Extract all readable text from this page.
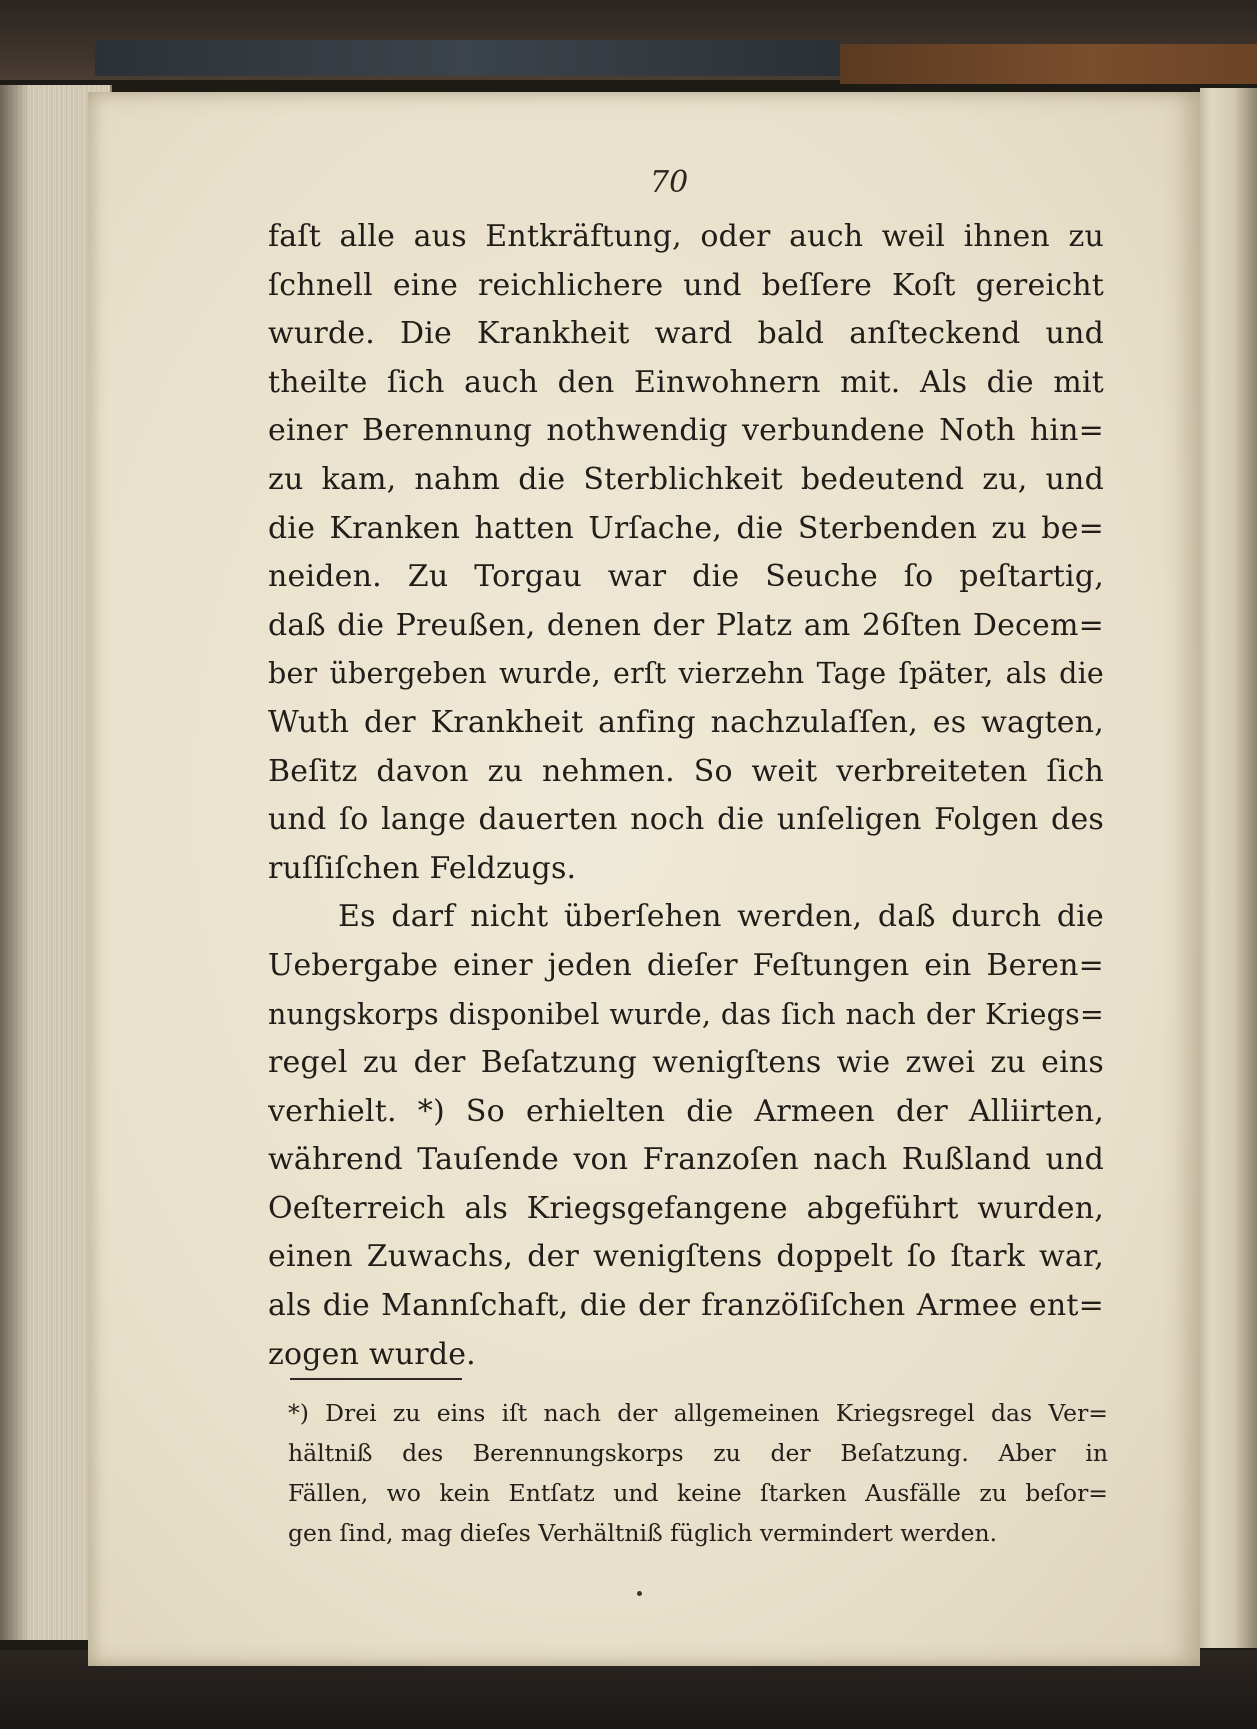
70

faſt alle aus Entkräftung, oder auch weil ihnen zu
ſchnell eine reichlichere und beſſere Koſt gereicht
wurde. Die Krankheit ward bald anſteckend und
theilte ſich auch den Einwohnern mit. Als die mit
einer Berennung nothwendig verbundene Noth hin=
zu kam, nahm die Sterblichkeit bedeutend zu, und
die Kranken hatten Urſache, die Sterbenden zu be=
neiden. Zu Torgau war die Seuche ſo peſtartig,
daß die Preußen, denen der Platz am 26ſten Decem=
ber übergeben wurde, erſt vierzehn Tage ſpäter, als die
Wuth der Krankheit anfing nachzulaſſen, es wagten,
Beſitz davon zu nehmen. So weit verbreiteten ſich
und ſo lange dauerten noch die unſeligen Folgen des
ruſſiſchen Feldzugs.
Es darf nicht überſehen werden, daß durch die
Uebergabe einer jeden dieſer Feſtungen ein Beren=
nungskorps disponibel wurde, das ſich nach der Kriegs=
regel zu der Beſatzung wenigſtens wie zwei zu eins
verhielt. *) So erhielten die Armeen der Alliirten,
während Tauſende von Franzoſen nach Rußland und
Oeſterreich als Kriegsgefangene abgeführt wurden,
einen Zuwachs, der wenigſtens doppelt ſo ſtark war,
als die Mannſchaft, die der franzöſiſchen Armee ent=
zogen wurde.
*) Drei zu eins iſt nach der allgemeinen Kriegsregel das Ver=
hältniß des Berennungskorps zu der Beſatzung. Aber in
Fällen, wo kein Entſatz und keine ſtarken Ausfälle zu beſor=
gen ſind, mag dieſes Verhältniß füglich vermindert werden.
